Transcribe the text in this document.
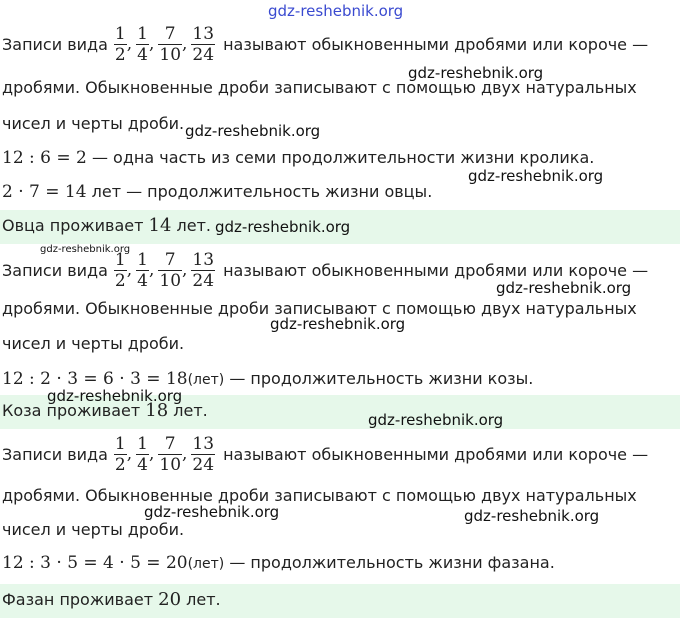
Записи вида $\frac{1}{2}$ , $\frac{1}{4}$ , $\frac{7}{10}$ , $\frac{13}{24}$ называют обыкновенными дробями или короче —
дробями. Обыкновенные дроби записывают с помощью двух натуральных
чисел и черты дроби.
12 : 6 = 2 — одна часть из семи продолжительности жизни кролика.
2 · 7 = 14 лет — продолжительность жизни овцы.
Овца проживает 14 лет.
Записи вида $\frac{1}{2}$ , $\frac{1}{4}$ , $\frac{7}{10}$ , $\frac{13}{24}$ называют обыкновенными дробями или короче —
дробями. Обыкновенные дроби записывают с помощью двух натуральных
чисел и черты дроби.
12 : 2 · 3 = 6 · 3 = 18(лет) — продолжительность жизни козы.
Коза проживает 18 лет.
Записи вида $\frac{1}{2}$ , $\frac{1}{4}$ , $\frac{7}{10}$ , $\frac{13}{24}$ называют обыкновенными дробями или короче —
дробями. Обыкновенные дроби записывают с помощью двух натуральных
чисел и черты дроби.
12 : 3 · 5 = 4 · 5 = 20(лет) — продолжительность жизни фазана.
Фазан проживает 20 лет.
gdz-reshebnik.org
gdz-reshebnik.org
gdz-reshebnik.org
gdz-reshebnik.org
gdz-reshebnik.org
gdz-reshebnik.org
gdz-reshebnik.org
gdz-reshebnik.org
gdz-reshebnik.org
gdz-reshebnik.org
gdz-reshebnik.org	gdz-reshebnik.org
